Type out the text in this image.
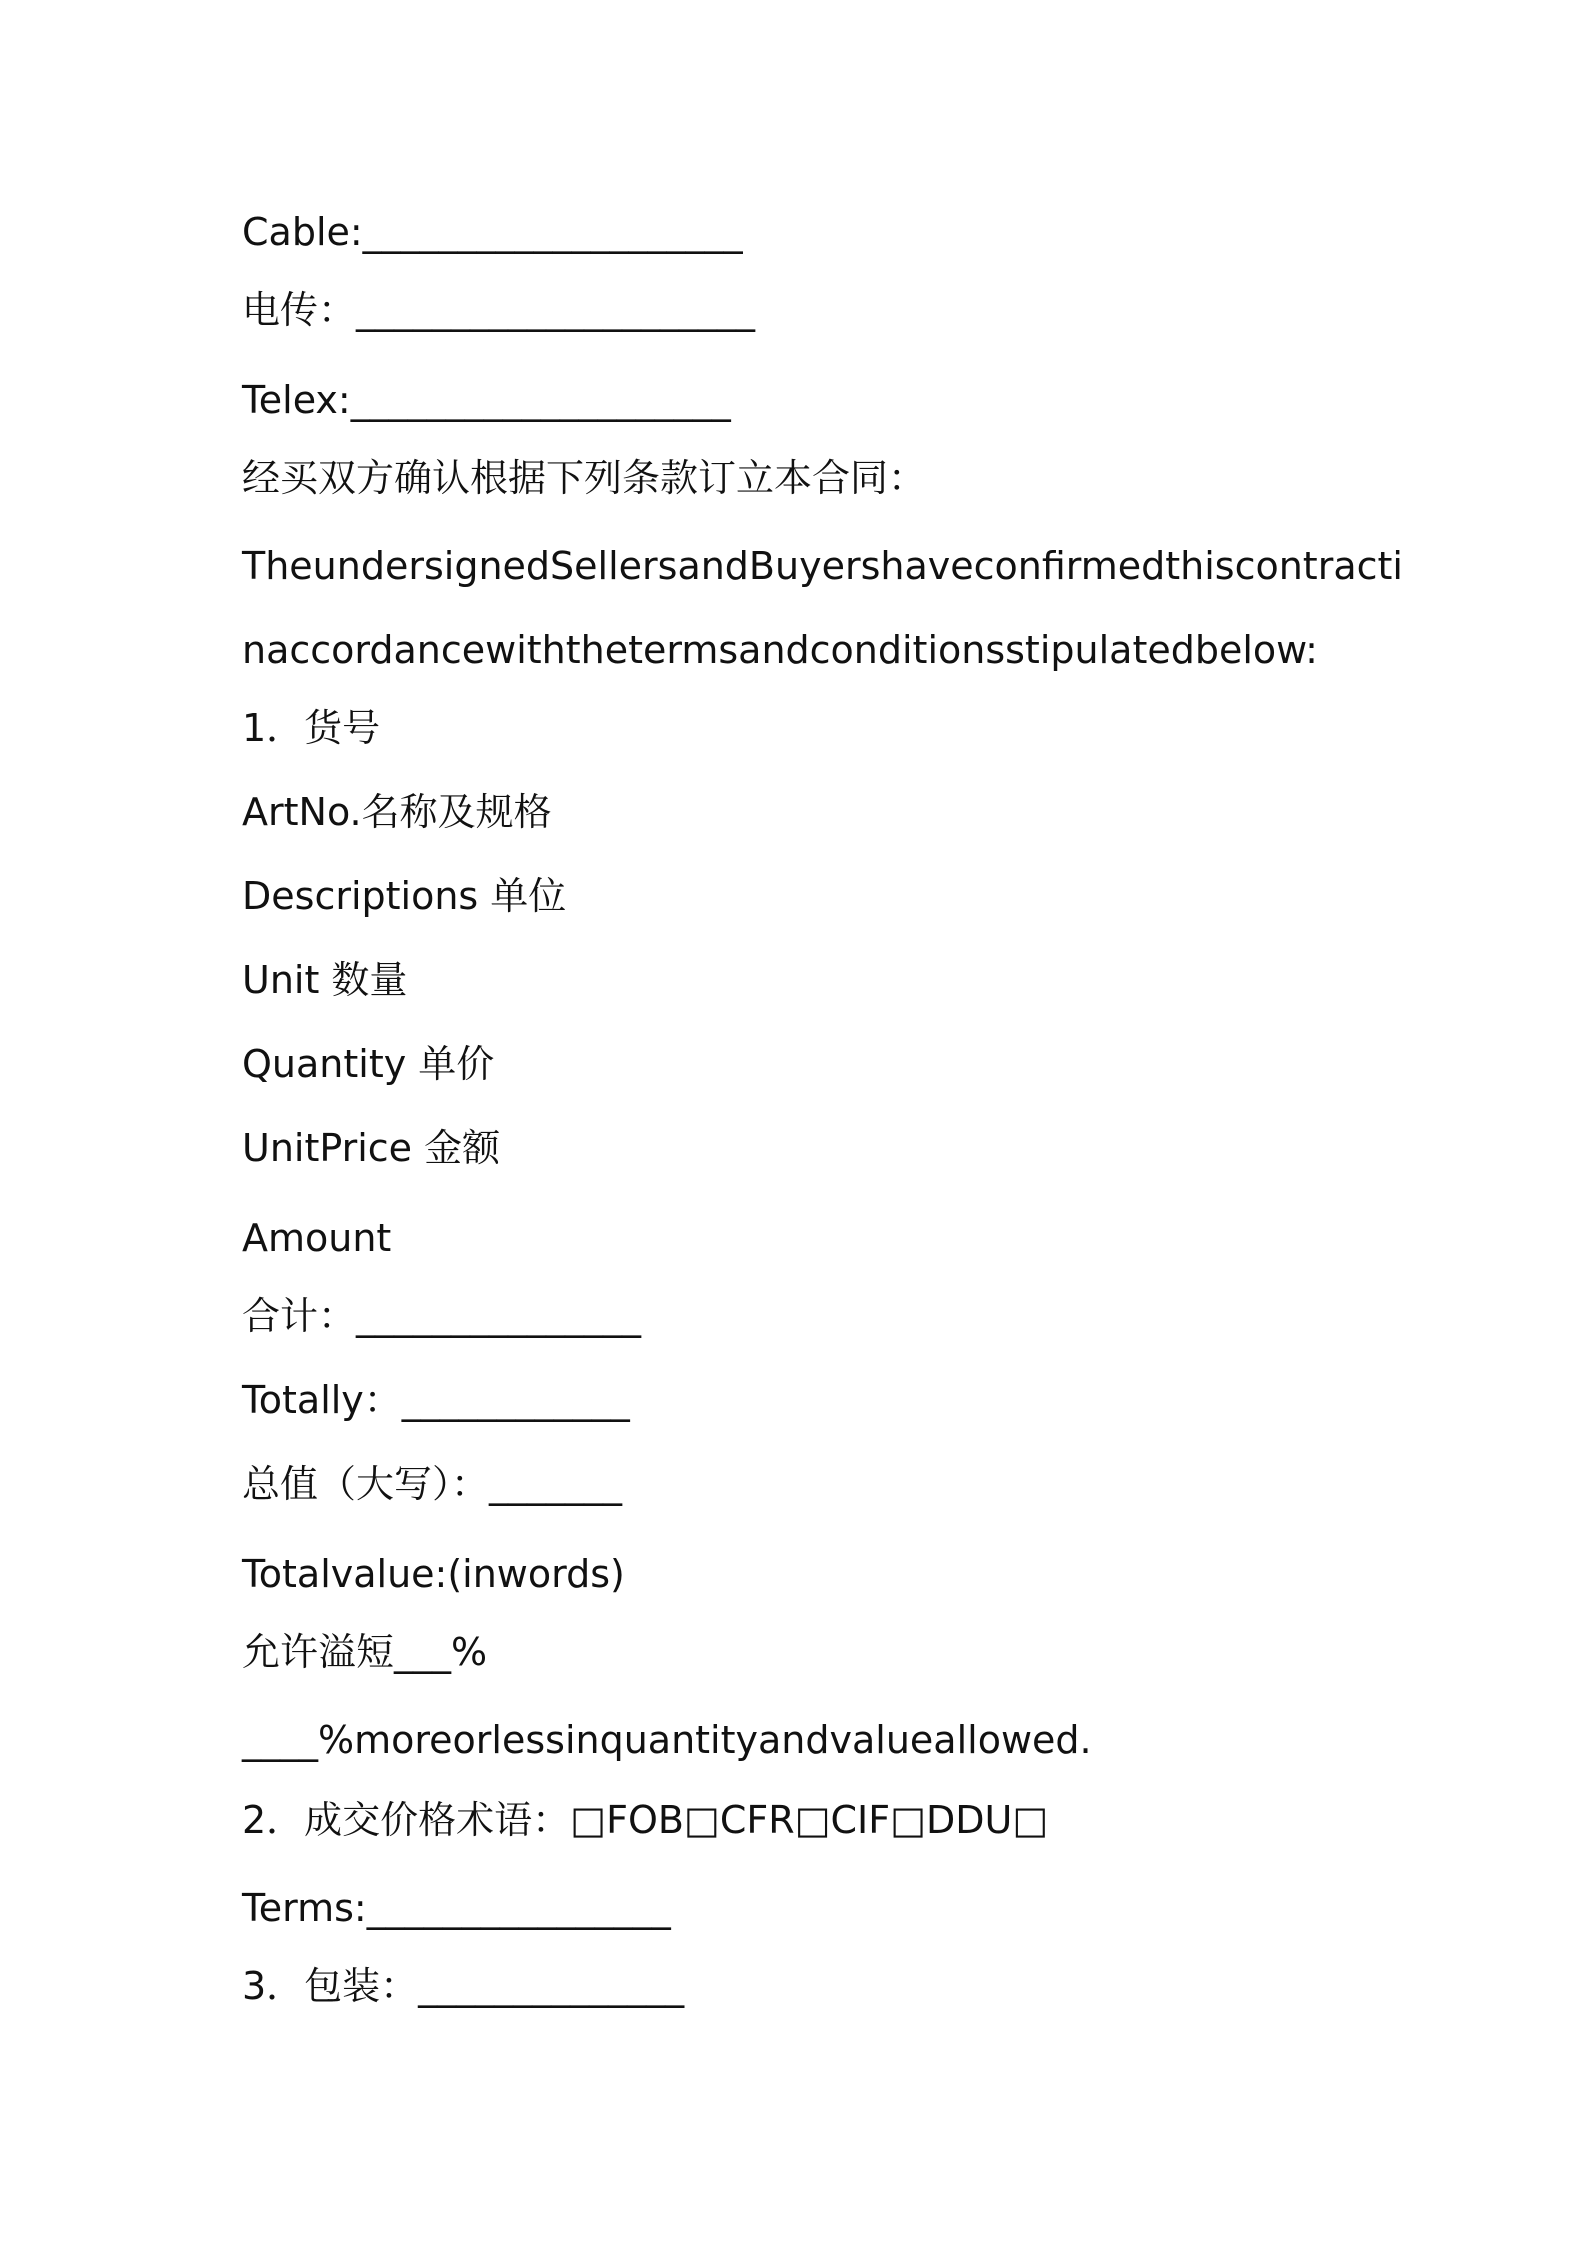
Cable:____________________
电传：_____________________
Telex:____________________
经买双方确认根据下列条款订立本合同：
TheundersignedSellersandBuyershaveconfirmedthiscontracti
naccordancewiththetermsandconditionsstipulatedbelow:
1．货号
ArtNo.名称及规格
Descriptions 单位
Unit 数量
Quantity 单价
UnitPrice 金额
Amount
合计：_______________
Totally：____________
总值（大写）：_______
Totalvalue:(inwords)
允许溢短___%
____%moreorlessinquantityandvalueallowed.
2．成交价格术语：□FOB□CFR□CIF□DDU□
Terms:________________
3．包装：______________
